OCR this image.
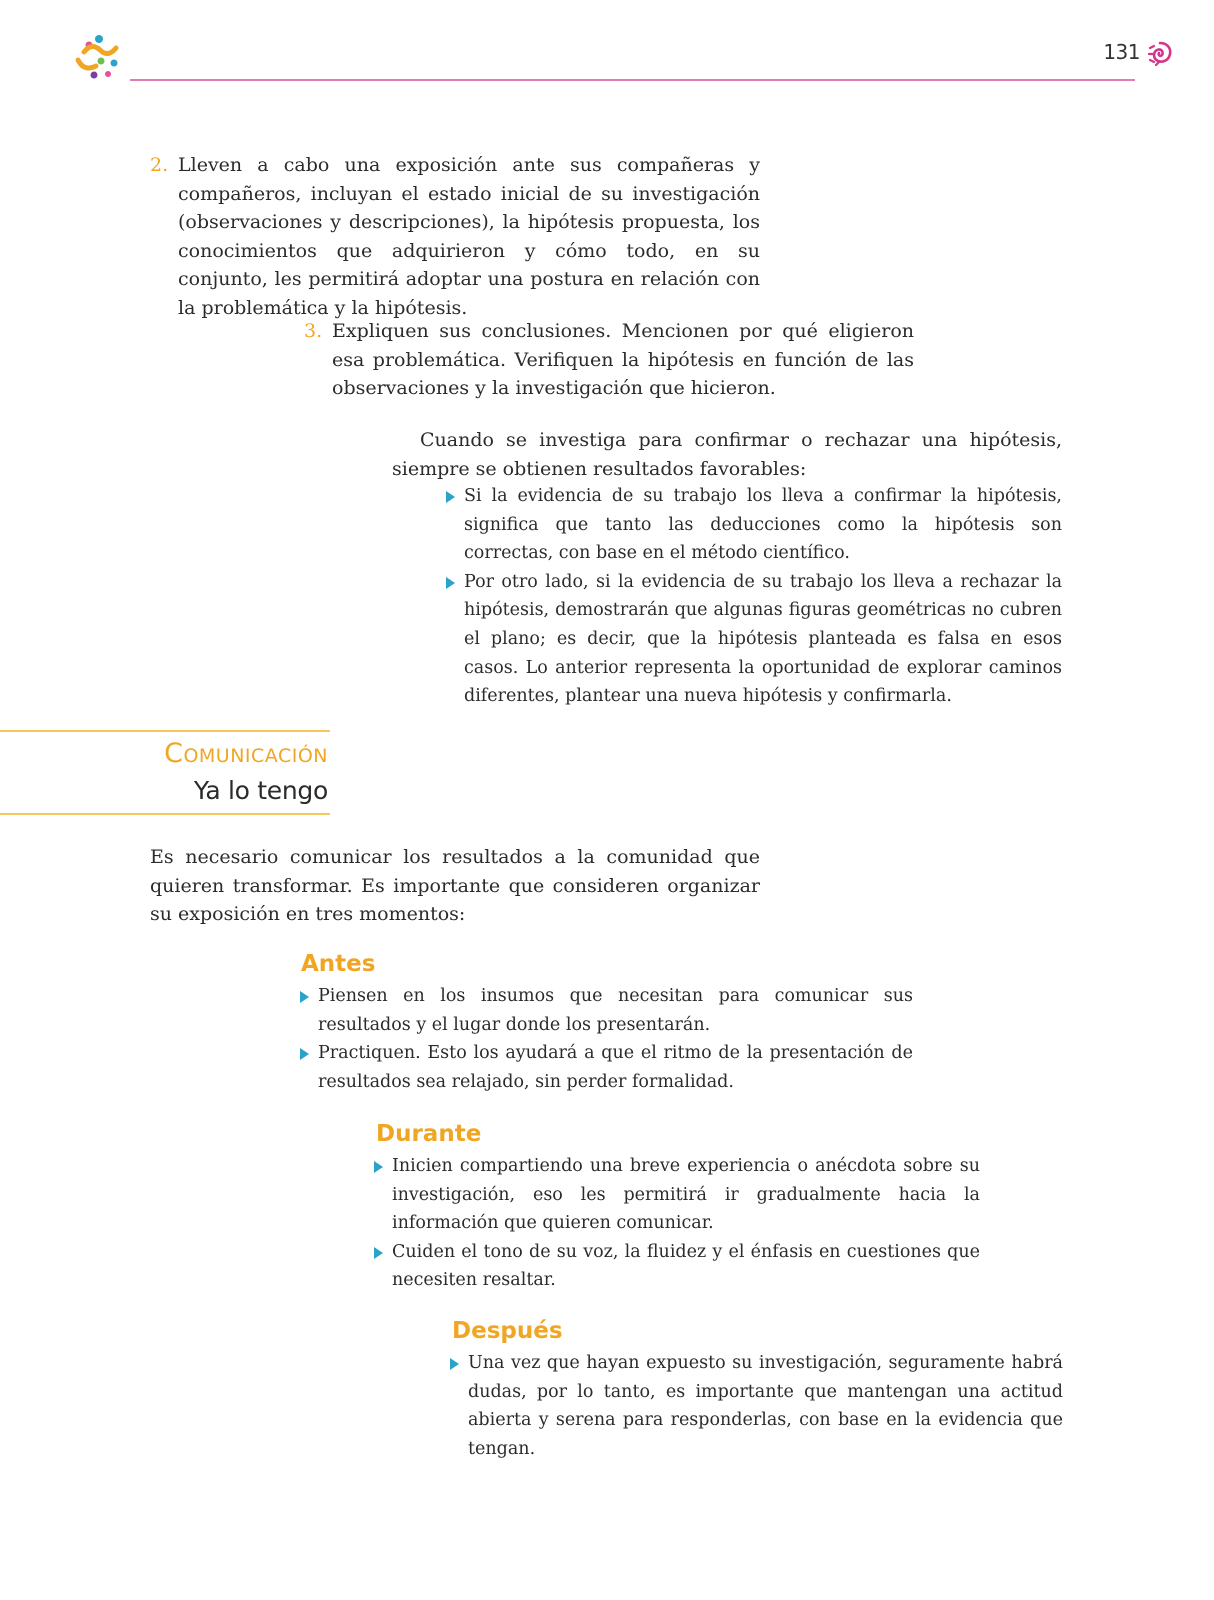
131
2. Lleven a cabo una exposición ante sus compañeras y compañeros, incluyan el estado inicial de su investigación (observaciones y descripciones), la hipótesis propuesta, los conocimientos que adquirieron y cómo todo, en su conjunto, les permitirá adoptar una postura en relación con la problemática y la hipótesis.
3. Expliquen sus conclusiones. Mencionen por qué eligieron esa problemática. Verifiquen la hipótesis en función de las observaciones y la investigación que hicieron.
Cuando se investiga para confirmar o rechazar una hipótesis, siempre se obtienen resultados favorables:
Si la evidencia de su trabajo los lleva a confirmar la hipótesis, significa que tanto las deducciones como la hipótesis son correctas, con base en el método científico.
Por otro lado, si la evidencia de su trabajo los lleva a rechazar la hipótesis, demostrarán que algunas figuras geométricas no cubren el plano; es decir, que la hipótesis planteada es falsa en esos casos. Lo anterior representa la oportunidad de explorar caminos diferentes, plantear una nueva hipótesis y confirmarla.
Comunicación
Ya lo tengo
Es necesario comunicar los resultados a la comunidad que quieren transformar. Es importante que consideren organizar su exposición en tres momentos:
Antes
Piensen en los insumos que necesitan para comunicar sus resultados y el lugar donde los presentarán.
Practiquen. Esto los ayudará a que el ritmo de la presentación de resultados sea relajado, sin perder formalidad.
Durante
Inicien compartiendo una breve experiencia o anécdota sobre su investigación, eso les permitirá ir gradualmente hacia la información que quieren comunicar.
Cuiden el tono de su voz, la fluidez y el énfasis en cuestiones que necesiten resaltar.
Después
Una vez que hayan expuesto su investigación, seguramente habrá dudas, por lo tanto, es importante que mantengan una actitud abierta y serena para responderlas, con base en la evidencia que tengan.
